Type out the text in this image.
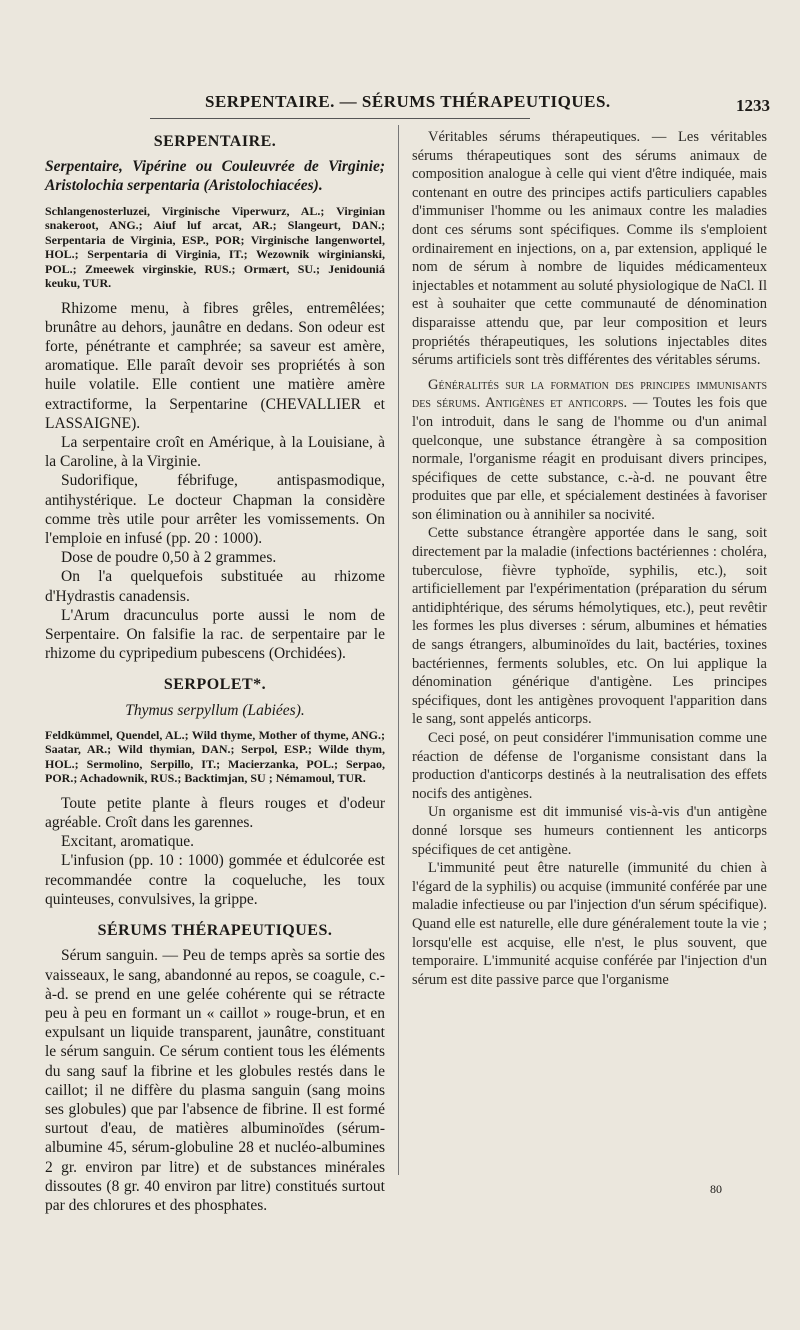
SERPENTAIRE. — SÉRUMS THÉRAPEUTIQUES.	1233
SERPENTAIRE.

Serpentaire, Vipérine ou Couleuvrée de Virginie; Aristolochia serpentaria (Aristolochiacées).

Schlangenosterluzei, Virginische Viperwurz, AL.; Virginian snakeroot, ANG.; Aiuf luf arcat, AR.; Slangeurt, DAN.; Serpentaria de Virginia, ESP., POR; Virginische langenwortel, HOL.; Serpentaria di Virginia, IT.; Wezownik wirginianski, POL.; Zmeewek virginskie, RUS.; Ormært, SU.; Jenidouniá keuku, TUR.

Rhizome menu, à fibres grêles, entremêlées; brunâtre au dehors, jaunâtre en dedans. Son odeur est forte, pénétrante et camphrée; sa saveur est amère, aromatique. Elle paraît devoir ses propriétés à son huile volatile. Elle contient une matière amère extractiforme, la Serpentarine (CHEVALLIER et LASSAIGNE).

La serpentaire croît en Amérique, à la Louisiane, à la Caroline, à la Virginie.

Sudorifique, fébrifuge, antispasmodique, antihystérique. Le docteur Chapman la considère comme très utile pour arrêter les vomissements. On l'emploie en infusé (pp. 20 : 1000).

Dose de poudre 0,50 à 2 grammes.

On l'a quelquefois substituée au rhizome d'Hydrastis canadensis.

L'Arum dracunculus porte aussi le nom de Serpentaire. On falsifie la rac. de serpentaire par le rhizome du cypripedium pubescens (Orchidées).

SERPOLET*.

Thymus serpyllum (Labiées).

Feldkümmel, Quendel, AL.; Wild thyme, Mother of thyme, ANG.; Saatar, AR.; Wild thymian, DAN.; Serpol, ESP.; Wilde thym, HOL.; Sermolino, Serpillo, IT.; Macierzanka, POL.; Serpao, POR.; Achadownik, RUS.; Backtimjan, SU ; Némamoul, TUR.

Toute petite plante à fleurs rouges et d'odeur agréable. Croît dans les garennes.

Excitant, aromatique.

L'infusion (pp. 10 : 1000) gommée et édulcorée est recommandée contre la coqueluche, les toux quinteuses, convulsives, la grippe.

SÉRUMS THÉRAPEUTIQUES.

Sérum sanguin. — Peu de temps après sa sortie des vaisseaux, le sang, abandonné au repos, se coagule, c.-à-d. se prend en une gelée cohérente qui se rétracte peu à peu en formant un « caillot » rouge-brun, et en expulsant un liquide transparent, jaunâtre, constituant le sérum sanguin. Ce sérum contient tous les éléments du sang sauf la fibrine et les globules restés dans le caillot; il ne diffère du plasma sanguin (sang moins ses globules) que par l'absence de fibrine. Il est formé surtout d'eau, de matières albuminoïdes (sérum-albumine 45, sérum-globuline 28 et nucléo-albumines 2 gr. environ par litre) et de substances minérales dissoutes (8 gr. 40 environ par litre) constitués surtout par des chlorures et des phosphates.

Véritables sérums thérapeutiques. — Les véritables sérums thérapeutiques sont des sérums animaux de composition analogue à celle qui vient d'être indiquée, mais contenant en outre des principes actifs particuliers capables d'immuniser l'homme ou les animaux contre les maladies dont ces sérums sont spécifiques. Comme ils s'emploient ordinairement en injections, on a, par extension, appliqué le nom de sérum à nombre de liquides médicamenteux injectables et notamment au soluté physiologique de NaCl. Il est à souhaiter que cette communauté de dénomination disparaisse attendu que, par leur composition et leurs propriétés thérapeutiques, les solutions injectables dites sérums artificiels sont très différentes des véritables sérums.

Généralités sur la formation des principes immunisants des sérums. Antigènes et anticorps. — Toutes les fois que l'on introduit, dans le sang de l'homme ou d'un animal quelconque, une substance étrangère à sa composition normale, l'organisme réagit en produisant divers principes, spécifiques de cette substance, c.-à-d. ne pouvant être produites que par elle, et spécialement destinées à favoriser son élimination ou à annihiler sa nocivité.

Cette substance étrangère apportée dans le sang, soit directement par la maladie (infections bactériennes : choléra, tuberculose, fièvre typhoïde, syphilis, etc.), soit artificiellement par l'expérimentation (préparation du sérum antidiphtérique, des sérums hémolytiques, etc.), peut revêtir les formes les plus diverses : sérum, albumines et hématies de sangs étrangers, albuminoïdes du lait, bactéries, toxines bactériennes, ferments solubles, etc. On lui applique la dénomination générique d'antigène. Les principes spécifiques, dont les antigènes provoquent l'apparition dans le sang, sont appelés anticorps.

Ceci posé, on peut considérer l'immunisation comme une réaction de défense de l'organisme consistant dans la production d'anticorps destinés à la neutralisation des effets nocifs des antigènes.

Un organisme est dit immunisé vis-à-vis d'un antigène donné lorsque ses humeurs contiennent les anticorps spécifiques de cet antigène.

L'immunité peut être naturelle (immunité du chien à l'égard de la syphilis) ou acquise (immunité conférée par une maladie infectieuse ou par l'injection d'un sérum spécifique). Quand elle est naturelle, elle dure généralement toute la vie ; lorsqu'elle est acquise, elle n'est, le plus souvent, que temporaire. L'immunité acquise conférée par l'injection d'un sérum est dite passive parce que l'organisme

80
